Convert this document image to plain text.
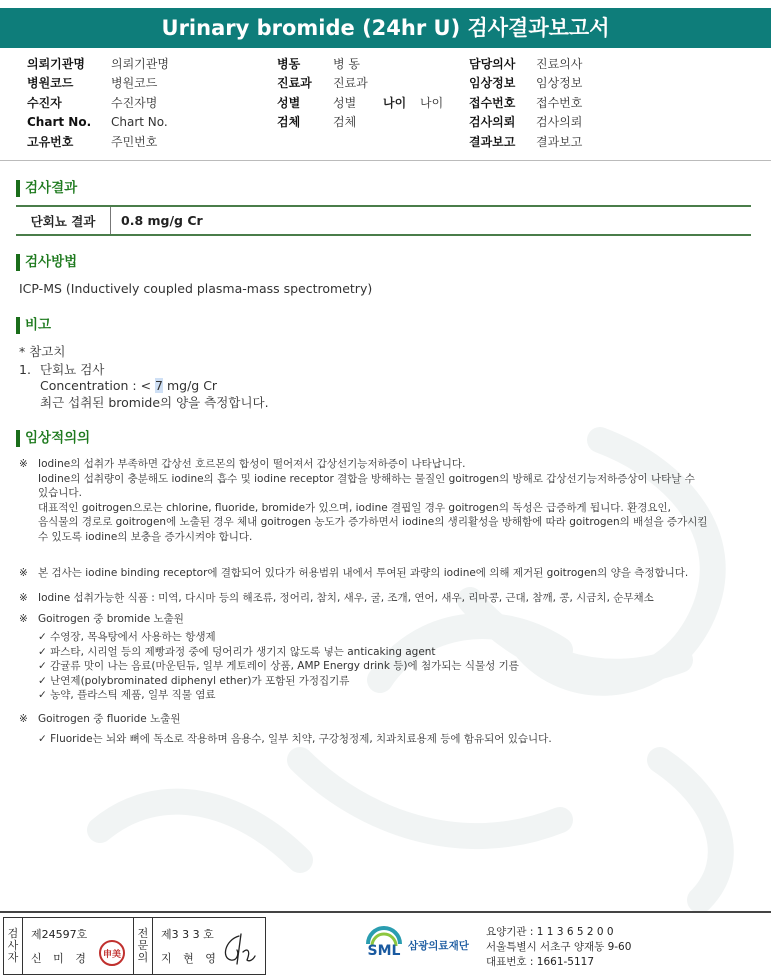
Urinary bromide (24hr U) 검사결과보고서
의뢰기관명	의뢰기관명
병원코드	병원코드
수진자	수진자명
Chart No.	Chart No.
고유번호	주민번호
병동	병 동
진료과	진료과
성별	성별	나이	나이
검체	검체
담당의사	진료의사
임상정보	임상정보
접수번호	접수번호
검사의뢰	검사의뢰
결과보고	결과보고
검사결과
단회뇨 결과	0.8 mg/g Cr
검사방법
ICP-MS (Inductively coupled plasma-mass spectrometry)
비고
* 참고치
1. 단회뇨 검사
Concentration : < 7 mg/g Cr
최근 섭취된 bromide의 양을 측정합니다.
임상적의의
※ Iodine의 섭취가 부족하면 갑상선 호르몬의 합성이 떨어져서 갑상선기능저하증이 나타납니다.
Iodine의 섭취량이 충분해도 iodine의 흡수 및 iodine receptor 결합을 방해하는 물질인 goitrogen의 방해로 갑상선기능저하증상이 나타날 수
있습니다.
대표적인 goitrogen으로는 chlorine, fluoride, bromide가 있으며, iodine 결핍일 경우 goitrogen의 독성은 급증하게 됩니다. 환경요인,
음식물의 경로로 goitrogen에 노출된 경우 체내 goitrogen 농도가 증가하면서 iodine의 생리활성을 방해함에 따라 goitrogen의 배설을 증가시킬
수 있도록 iodine의 보충을 증가시켜야 합니다.
※ 본 검사는 iodine binding receptor에 결합되어 있다가 허용범위 내에서 투여된 과량의 iodine에 의해 제거된 goitrogen의 양을 측정합니다.
※ Iodine 섭취가능한 식품 : 미역, 다시마 등의 해조류, 정어리, 참치, 새우, 굴, 조개, 연어, 새우, 리마콩, 근대, 참깨, 콩, 시금치, 순무채소
※ Goitrogen 중 bromide 노출원
✓ 수영장, 목욕탕에서 사용하는 항생제
✓ 파스타, 시리얼 등의 제빵과정 중에 덩어리가 생기지 않도록 넣는 anticaking agent
✓ 감귤류 맛이 나는 음료(마운틴듀, 일부 게토레이 상품, AMP Energy drink 등)에 첨가되는 식물성 기름
✓ 난연제(polybrominated diphenyl ether)가 포함된 가정집기류
✓ 농약, 플라스틱 제품, 일부 직물 염료
※ Goitrogen 중 fluoride 노출원
✓ Fluoride는 뇌와 뼈에 독소로 작용하며 음용수, 일부 치약, 구강청정제, 치과치료용제 등에 함유되어 있습니다.
검
사
자
제24597호
신 미 경	申美
전
문
의
제3 3 3 호
지 현 영	SML 삼광의료재단
요양기관 : 1 1 3 6 5 2 0 0
서울특별시 서초구 양재동 9-60
대표번호 : 1661-5117
